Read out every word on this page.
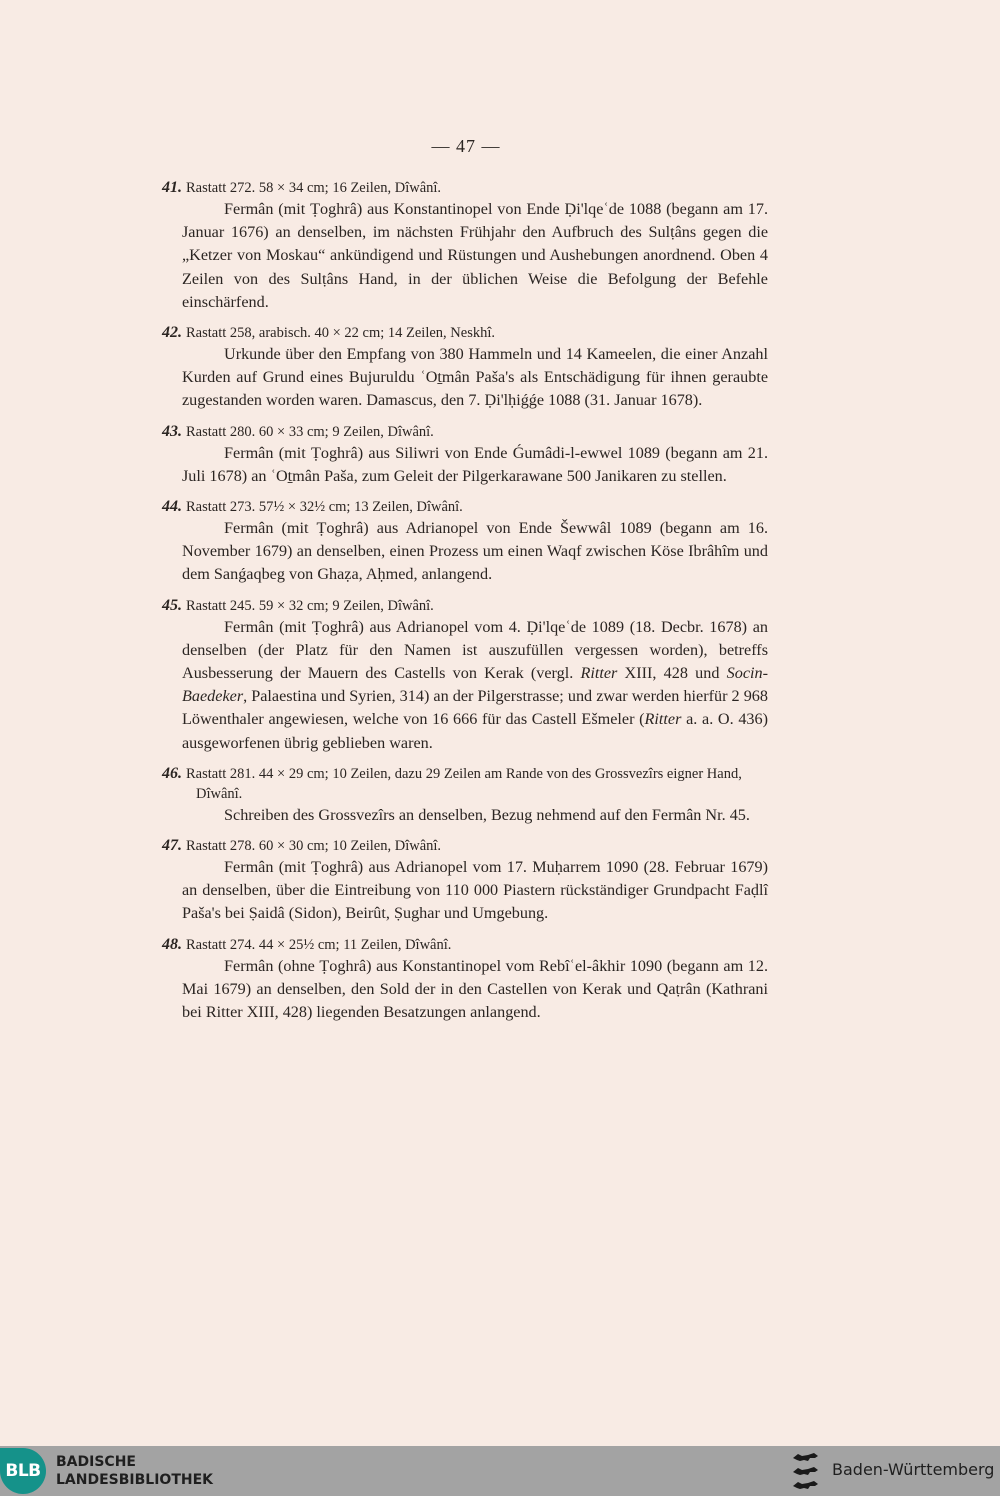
— 47 —
41. Rastatt 272. 58 × 34 cm; 16 Zeilen, Dîwânî.
Fermân (mit Ṭoghrâ) aus Konstantinopel von Ende Ḍi'lqeʿde 1088 (begann am 17. Januar 1676) an denselben, im nächsten Frühjahr den Aufbruch des Sulṭâns gegen die „Ketzer von Moskau“ ankündigend und Rüstungen und Aushebungen anordnend. Oben 4 Zeilen von des Sulṭâns Hand, in der üblichen Weise die Befolgung der Befehle einschärfend.
42. Rastatt 258, arabisch. 40 × 22 cm; 14 Zeilen, Neskhî.
Urkunde über den Empfang von 380 Hammeln und 14 Kameelen, die einer Anzahl Kurden auf Grund eines Bujuruldu ʿOṯmân Paša's als Entschädigung für ihnen geraubte zugestanden worden waren. Damascus, den 7. Ḍi'lḥiǵǵe 1088 (31. Januar 1678).
43. Rastatt 280. 60 × 33 cm; 9 Zeilen, Dîwânî.
Fermân (mit Ṭoghrâ) aus Siliwri von Ende Ǵumâdi-l-ewwel 1089 (begann am 21. Juli 1678) an ʿOṯmân Paša, zum Geleit der Pilgerkarawane 500 Janikaren zu stellen.
44. Rastatt 273. 57½ × 32½ cm; 13 Zeilen, Dîwânî.
Fermân (mit Ṭoghrâ) aus Adrianopel von Ende Šewwâl 1089 (begann am 16. November 1679) an denselben, einen Prozess um einen Waqf zwischen Köse Ibrâhîm und dem Sanǵaqbeg von Ghaẓa, Aḥmed, anlangend.
45. Rastatt 245. 59 × 32 cm; 9 Zeilen, Dîwânî.
Fermân (mit Ṭoghrâ) aus Adrianopel vom 4. Ḍi'lqeʿde 1089 (18. Decbr. 1678) an denselben (der Platz für den Namen ist auszufüllen vergessen worden), betreffs Ausbesserung der Mauern des Castells von Kerak (vergl. Ritter XIII, 428 und Socin-Baedeker, Palaestina und Syrien, 314) an der Pilgerstrasse; und zwar werden hierfür 2 968 Löwenthaler angewiesen, welche von 16 666 für das Castell Ešmeler (Ritter a. a. O. 436) ausgeworfenen übrig geblieben waren.
46. Rastatt 281. 44 × 29 cm; 10 Zeilen, dazu 29 Zeilen am Rande von des Grossvezîrs eigner Hand, Dîwânî.
Schreiben des Grossvezîrs an denselben, Bezug nehmend auf den Fermân Nr. 45.
47. Rastatt 278. 60 × 30 cm; 10 Zeilen, Dîwânî.
Fermân (mit Ṭoghrâ) aus Adrianopel vom 17. Muḥarrem 1090 (28. Februar 1679) an denselben, über die Eintreibung von 110 000 Piastern rückständiger Grundpacht Faḍlî Paša's bei Ṣaidâ (Sidon), Beirût, Ṣughar und Umgebung.
48. Rastatt 274. 44 × 25½ cm; 11 Zeilen, Dîwânî.
Fermân (ohne Ṭoghrâ) aus Konstantinopel vom Rebîʿel-âkhir 1090 (begann am 12. Mai 1679) an denselben, den Sold der in den Castellen von Kerak und Qaṭrân (Kathrani bei Ritter XIII, 428) liegenden Besatzungen anlangend.
BLB	BADISCHE
LANDESBIBLIOTHEK
Baden-Württemberg
